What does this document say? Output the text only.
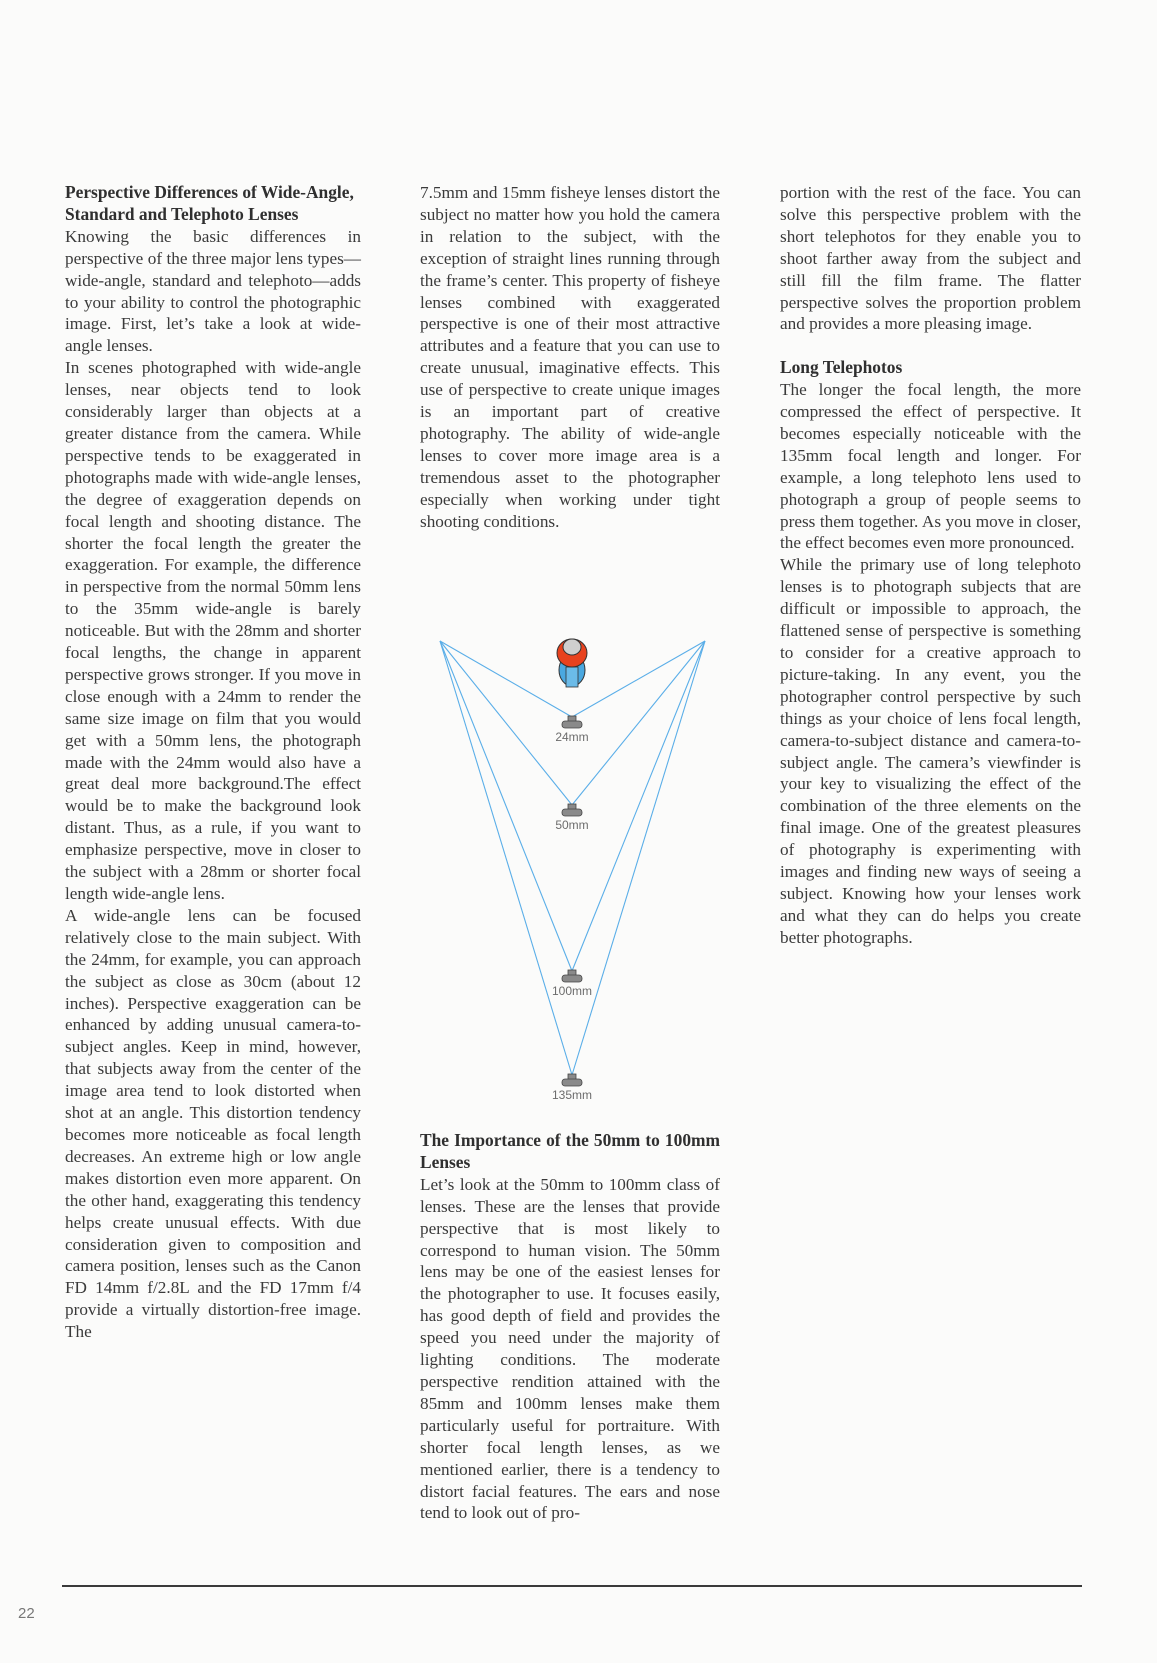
Perspective Differences of Wide-Angle, Standard and Telephoto Lenses

Knowing the basic differences in perspective of the three major lens types—wide-angle, standard and telephoto—adds to your ability to control the photographic image. First, let’s take a look at wide-angle lenses.

In scenes photographed with wide-angle lenses, near objects tend to look considerably larger than objects at a greater distance from the camera. While perspective tends to be exaggerated in photographs made with wide-angle lenses, the degree of exaggeration depends on focal length and shooting distance. The shorter the focal length the greater the exaggeration. For example, the difference in perspective from the normal 50mm lens to the 35mm wide-angle is barely noticeable. But with the 28mm and shorter focal lengths, the change in apparent perspective grows stronger. If you move in close enough with a 24mm to render the same size image on film that you would get with a 50mm lens, the photograph made with the 24mm would also have a great deal more background.The effect would be to make the background look distant. Thus, as a rule, if you want to emphasize perspective, move in closer to the subject with a 28mm or shorter focal length wide-angle lens.

A wide-angle lens can be focused relatively close to the main subject. With the 24mm, for example, you can approach the subject as close as 30cm (about 12 inches). Perspective exaggeration can be enhanced by adding unusual camera-to-subject angles. Keep in mind, however, that subjects away from the center of the image area tend to look distorted when shot at an angle. This distortion tendency becomes more noticeable as focal length decreases. An extreme high or low angle makes distortion even more apparent. On the other hand, exaggerating this tendency helps create unusual effects. With due consideration given to composition and camera position, lenses such as the Canon FD 14mm f/2.8L and the FD 17mm f/4 provide a virtually distortion-free image. The

7.5mm and 15mm fisheye lenses distort the subject no matter how you hold the camera in relation to the subject, with the exception of straight lines running through the frame’s center. This property of fisheye lenses combined with exaggerated perspective is one of their most attractive attributes and a feature that you can use to create unusual, imaginative effects. This use of perspective to create unique images is an important part of creative photography. The ability of wide-angle lenses to cover more image area is a tremendous asset to the photographer especially when working under tight shooting conditions.

24mm
50mm
100mm
135mm
The Importance of the 50mm to 100mm Lenses

Let’s look at the 50mm to 100mm class of lenses. These are the lenses that provide perspective that is most likely to correspond to human vision. The 50mm lens may be one of the easiest lenses for the photographer to use. It focuses easily, has good depth of field and provides the speed you need under the majority of lighting conditions. The moderate perspective rendition attained with the 85mm and 100mm lenses make them particularly useful for portraiture. With shorter focal length lenses, as we mentioned earlier, there is a tendency to distort facial features. The ears and nose tend to look out of pro-

portion with the rest of the face. You can solve this perspective problem with the short telephotos for they enable you to shoot farther away from the subject and still fill the film frame. The flatter perspective solves the proportion problem and provides a more pleasing image.

Long Telephotos

The longer the focal length, the more compressed the effect of perspective. It becomes especially noticeable with the 135mm focal length and longer. For example, a long telephoto lens used to photograph a group of people seems to press them together. As you move in closer, the effect becomes even more pronounced.

While the primary use of long telephoto lenses is to photograph subjects that are difficult or impossible to approach, the flattened sense of perspective is something to consider for a creative approach to picture-taking. In any event, you the photographer control perspective by such things as your choice of lens focal length, camera-to-subject distance and camera-to-subject angle. The camera’s viewfinder is your key to visualizing the effect of the combination of the three elements on the final image. One of the greatest pleasures of photography is experimenting with images and finding new ways of seeing a subject. Knowing how your lenses work and what they can do helps you create better photographs.

22
